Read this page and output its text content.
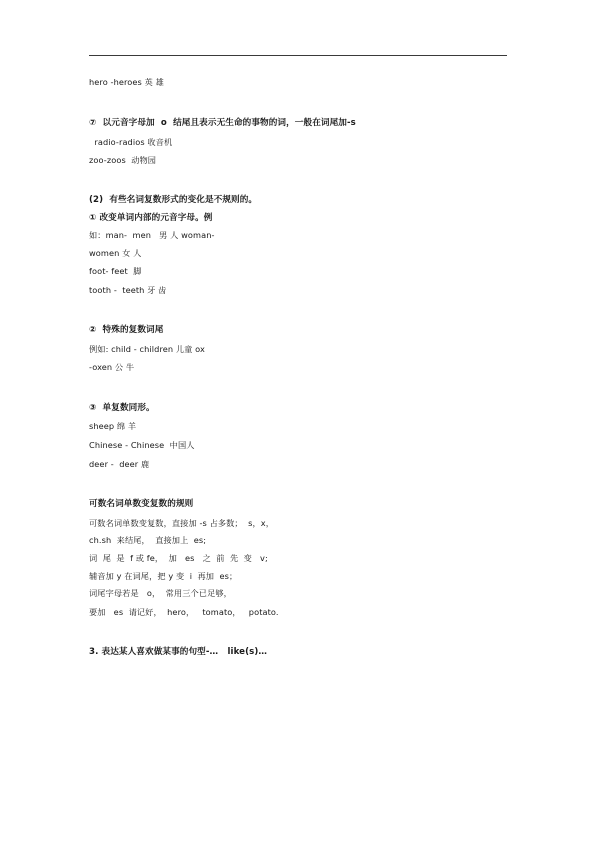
hero -heroes 英 雄
⑦  以元音字母加  o  结尾且表示无生命的事物的词，一般在词尾加-s
radio-radios 收音机
zoo-zoos  动物园
(2)  有些名词复数形式的变化是不规则的。
① 改变单词内部的元音字母。例
如：man-  men   男 人 woman-
women 女 人
foot- feet  脚
tooth -  teeth 牙 齿
②  特殊的复数词尾
例如: child - children 儿童 ox
-oxen 公 牛
③  单复数同形。
sheep 绵 羊
Chinese - Chinese  中国人
deer -  deer 鹿
可数名词单数变复数的规则
可数名词单数变复数，直接加 -s 占多数；  s，x，
ch.sh  来结尾，  直接加上  es;
词  尾  是  f 或 fe，  加   es   之  前  先  变   v;
辅音加 y 在词尾，把 y 变  i  再加  es；
词尾字母若是   o，  常用三个已足够，
要加   es  请记好，  hero，   tomato，   potato.
3. 表达某人喜欢做某事的句型-…   like(s)…
